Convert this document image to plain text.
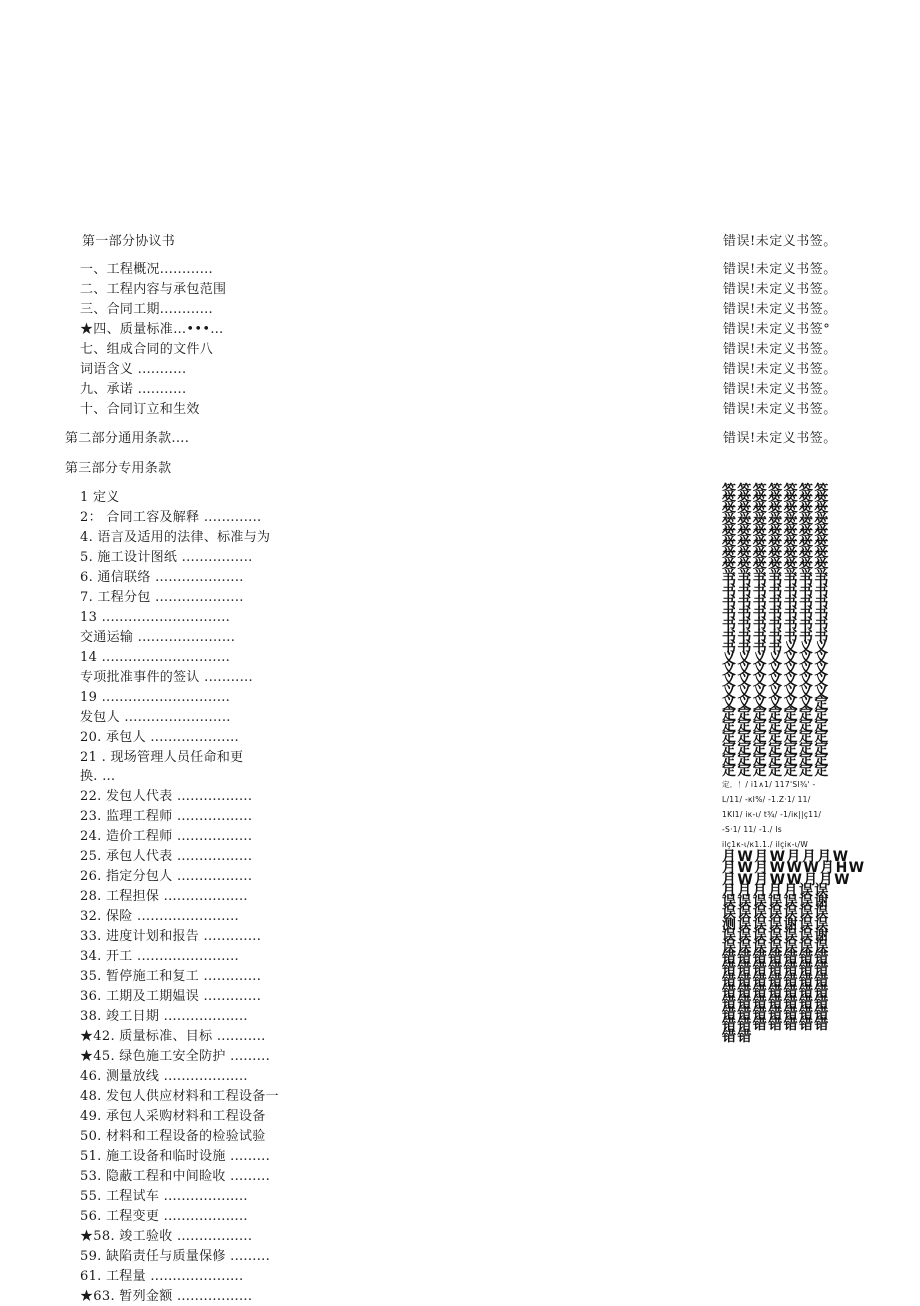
第一部分协议书
一、工程概况............
二、工程内容与承包范围
三、合同工期............
★四、质量标准…•••…
七、组成合同的文件八
词语含义 ...........
九、承诺 ...........
十、合同订立和生效
第二部分通用条款....
第三部分专用条款
1 定义
2： 合同工容及解释 .............
4. 语言及适用的法律、标准与为
5. 施工设计图纸 ................
6. 通信联络 ....................
7. 工程分包 ....................
13 .............................
交通运输 ......................
14 .............................
专项批准事件的签认 ...........
19 .............................
发包人 ........................
20. 承包人 ....................
21 . 现场管理人员任命和更
换. …
22. 发包人代表 .................
23. 监理工程师 .................
24. 造价工程师 .................
25. 承包人代表 .................
26. 指定分包人 .................
28. 工程担保 ...................
32. 保险 .......................
33. 进度计划和报告 .............
34. 开工 .......................
35. 暂停施工和复工 .............
36. 工期及工期媪误 .............
38. 竣工日期 ...................
★42. 质量标准、目标 ...........
★45. 绿色施工安全防护 .........
46. 测量放线 ...................
48. 发包人供应材料和工程设备一
49. 承包人采购材料和工程设备
50. 材料和工程设备的检验试验
51. 施工设备和临时设施 .........
53. 隐蔽工程和中间睑收 .........
55. 工程试车 ...................
56. 工程变更 ...................
★58. 竣工验收 .................
59. 缺陷责任与质量保修 .........
61. 工程量 .....................
★63. 暂列金额 .................
错误!未定义书签。
错误!未定义书签。
错误!未定义书签。
错误!未定义书签。
错误!未定义书签°
错误!未定义书签。
错误!未定义书签。
错误!未定义书签。
错误!未定义书签。
错误!未定义书签。
签签签签签签签
签签签签签签签
签签签签签签签
签签签签签签签
签签签签签签签
签签签签签签签
签签签签签签签
签签签签签签签
书书书书书书书
书书书书书书书
书书书书书书书
书书书书书书书
书书书书书书书
书书书书书书书
书书书书义义义
义义义义义义义
义义义义义义义
义义义义义义义
义义义义义义义
义义义义义义定
定定定定定定定
定定定定定定定
定定定定定定定
定定定定定定定
定定定定定定定
定定定定定定定
定．！/ i1∧1/ 117'SI¾' -
L/11/ -κI%/ -1.Z·1/ 11/
1KI1/ iκ-ι/ t¾/ -1/iκ||ç11/
-S·1/ 11/ -1./ Is
ilç1κ-ι/κ1.1./ ilçiκ-ι/W
月W月W月月月W
月W月WWW月HW
月W月WW月月W
月月月月月误误
误误误误误误谢
误误误误误误误
测误误误谢误误
误误误误误误谢
误误误误误误误
错错错错错错错
错错错错错错错
错错错错错错错
错错错错错错错
错错错错错错错
错错错错错错错
错错错错错错错
错错
